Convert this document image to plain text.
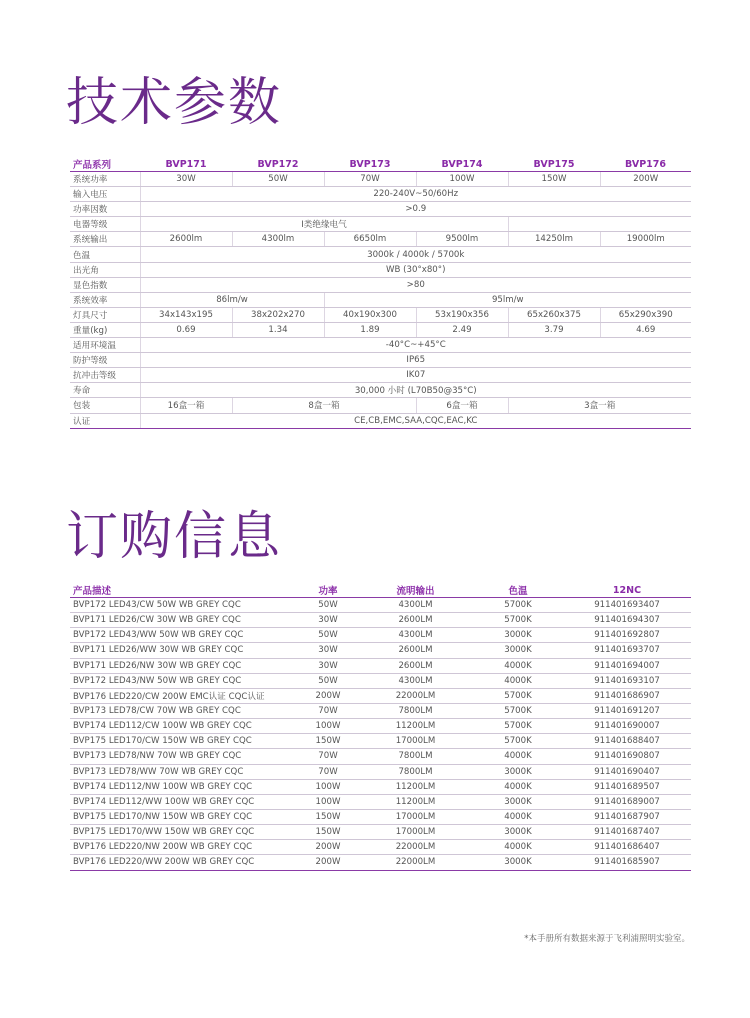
技术参数
产品系列	BVP171	BVP172	BVP173	BVP174	BVP175	BVP176
系统功率	30W	50W	70W	100W	150W	200W
输入电压	220-240V~50/60Hz					
功率因数	>0.9					
电器等级	I类绝缘电气					
系统输出	2600lm	4300lm	6650lm	9500lm	14250lm	19000lm
色温	3000k / 4000k / 5700k					
出光角	WB (30°x80°)					
显色指数	>80					
系统效率	86lm/w		95lm/w			
灯具尺寸	34x143x195	38x202x270	40x190x300	53x190x356	65x260x375	65x290x390
重量(kg)	0.69	1.34	1.89	2.49	3.79	4.69
适用环境温	-40°C~+45°C					
防护等级	IP65					
抗冲击等级	IK07					
寿命	30,000 小时 (L70B50@35°C)					
包装	16盒一箱	8盒一箱		6盒一箱	3盒一箱	
认证	CE,CB,EMC,SAA,CQC,EAC,KC					
订购信息
产品描述	功率	流明输出	色温	12NC
BVP172 LED43/CW 50W WB GREY CQC	50W	4300LM	5700K	911401693407
BVP171 LED26/CW 30W WB GREY CQC	30W	2600LM	5700K	911401694307
BVP172 LED43/WW 50W WB GREY CQC	50W	4300LM	3000K	911401692807
BVP171 LED26/WW 30W WB GREY CQC	30W	2600LM	3000K	911401693707
BVP171 LED26/NW 30W WB GREY CQC	30W	2600LM	4000K	911401694007
BVP172 LED43/NW 50W WB GREY CQC	50W	4300LM	4000K	911401693107
BVP176 LED220/CW 200W EMC认证 CQC认证	200W	22000LM	5700K	911401686907
BVP173 LED78/CW 70W WB GREY CQC	70W	7800LM	5700K	911401691207
BVP174 LED112/CW 100W WB GREY CQC	100W	11200LM	5700K	911401690007
BVP175 LED170/CW 150W WB GREY CQC	150W	17000LM	5700K	911401688407
BVP173 LED78/NW 70W WB GREY CQC	70W	7800LM	4000K	911401690807
BVP173 LED78/WW 70W WB GREY CQC	70W	7800LM	3000K	911401690407
BVP174 LED112/NW 100W WB GREY CQC	100W	11200LM	4000K	911401689507
BVP174 LED112/WW 100W WB GREY CQC	100W	11200LM	3000K	911401689007
BVP175 LED170/NW 150W WB GREY CQC	150W	17000LM	4000K	911401687907
BVP175 LED170/WW 150W WB GREY CQC	150W	17000LM	3000K	911401687407
BVP176 LED220/NW 200W WB GREY CQC	200W	22000LM	4000K	911401686407
BVP176 LED220/WW 200W WB GREY CQC	200W	22000LM	3000K	911401685907

*本手册所有数据来源于飞利浦照明实验室。
